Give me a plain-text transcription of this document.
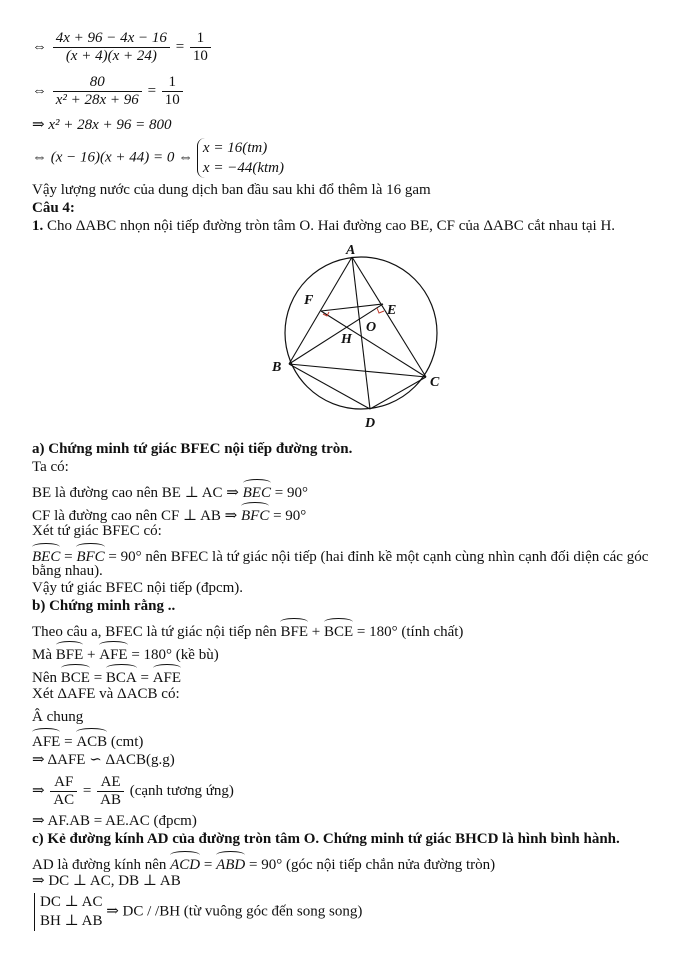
⇔ $\frac{4x + 96 - 4x - 16}{(x + 4)(x + 24)} = \frac{1}{10}$
⇔ $\frac{80}{\text{x² + 28x + 96}} = \frac{1}{10}$
⇒ x² + 28x + 96 = 800
⇔ (x − 16)(x + 44) = 0 ⇔
x = 16(tm)
x = −44(ktm)
Vậy lượng nước của dung dịch ban đầu sau khi đổ thêm là 16 gam
Câu 4:
1. Cho ΔABC nhọn nội tiếp đường tròn tâm O. Hai đường cao BE, CF của ΔABC cắt nhau tại H.
A
F
E
O
H
B
C
D
a) Chứng minh tứ giác BFEC nội tiếp đường tròn.
Ta có:
BE là đường cao nên BE ⊥ AC ⇒ BEC = 90°
CF là đường cao nên CF ⊥ AB ⇒ BFC = 90°
Xét tứ giác BFEC có:
BEC = BFC = 90° nên BFEC là tứ giác nội tiếp (hai đỉnh kề một cạnh cùng nhìn cạnh đối diện các góc
bằng nhau).
Vậy tứ giác BFEC nội tiếp (đpcm).
b) Chứng minh rằng ..
Theo câu a, BFEC là tứ giác nội tiếp nên BFE + BCE = 180° (tính chất)
Mà BFE + AFE = 180° (kề bù)
Nên BCE = BCA = AFE
Xét ΔAFE và ΔACB có:
Â chung
AFE = ACB (cmt)
⇒ ΔAFE ∽ ΔACB(g.g)
⇒ $\frac{AF}{AC} = \frac{AE}{AB}$ (cạnh tương ứng)
⇒ AF.AB = AE.AC (đpcm)
c) Kẻ đường kính AD của đường tròn tâm O. Chứng minh tứ giác BHCD là hình bình hành.
AD là đường kính nên ACD = ABD = 90° (góc nội tiếp chắn nửa đường tròn)
⇒ DC ⊥ AC, DB ⊥ AB
DC ⊥ AC
BH ⊥ AB
⇒ DC / /BH (từ vuông góc đến song song)
